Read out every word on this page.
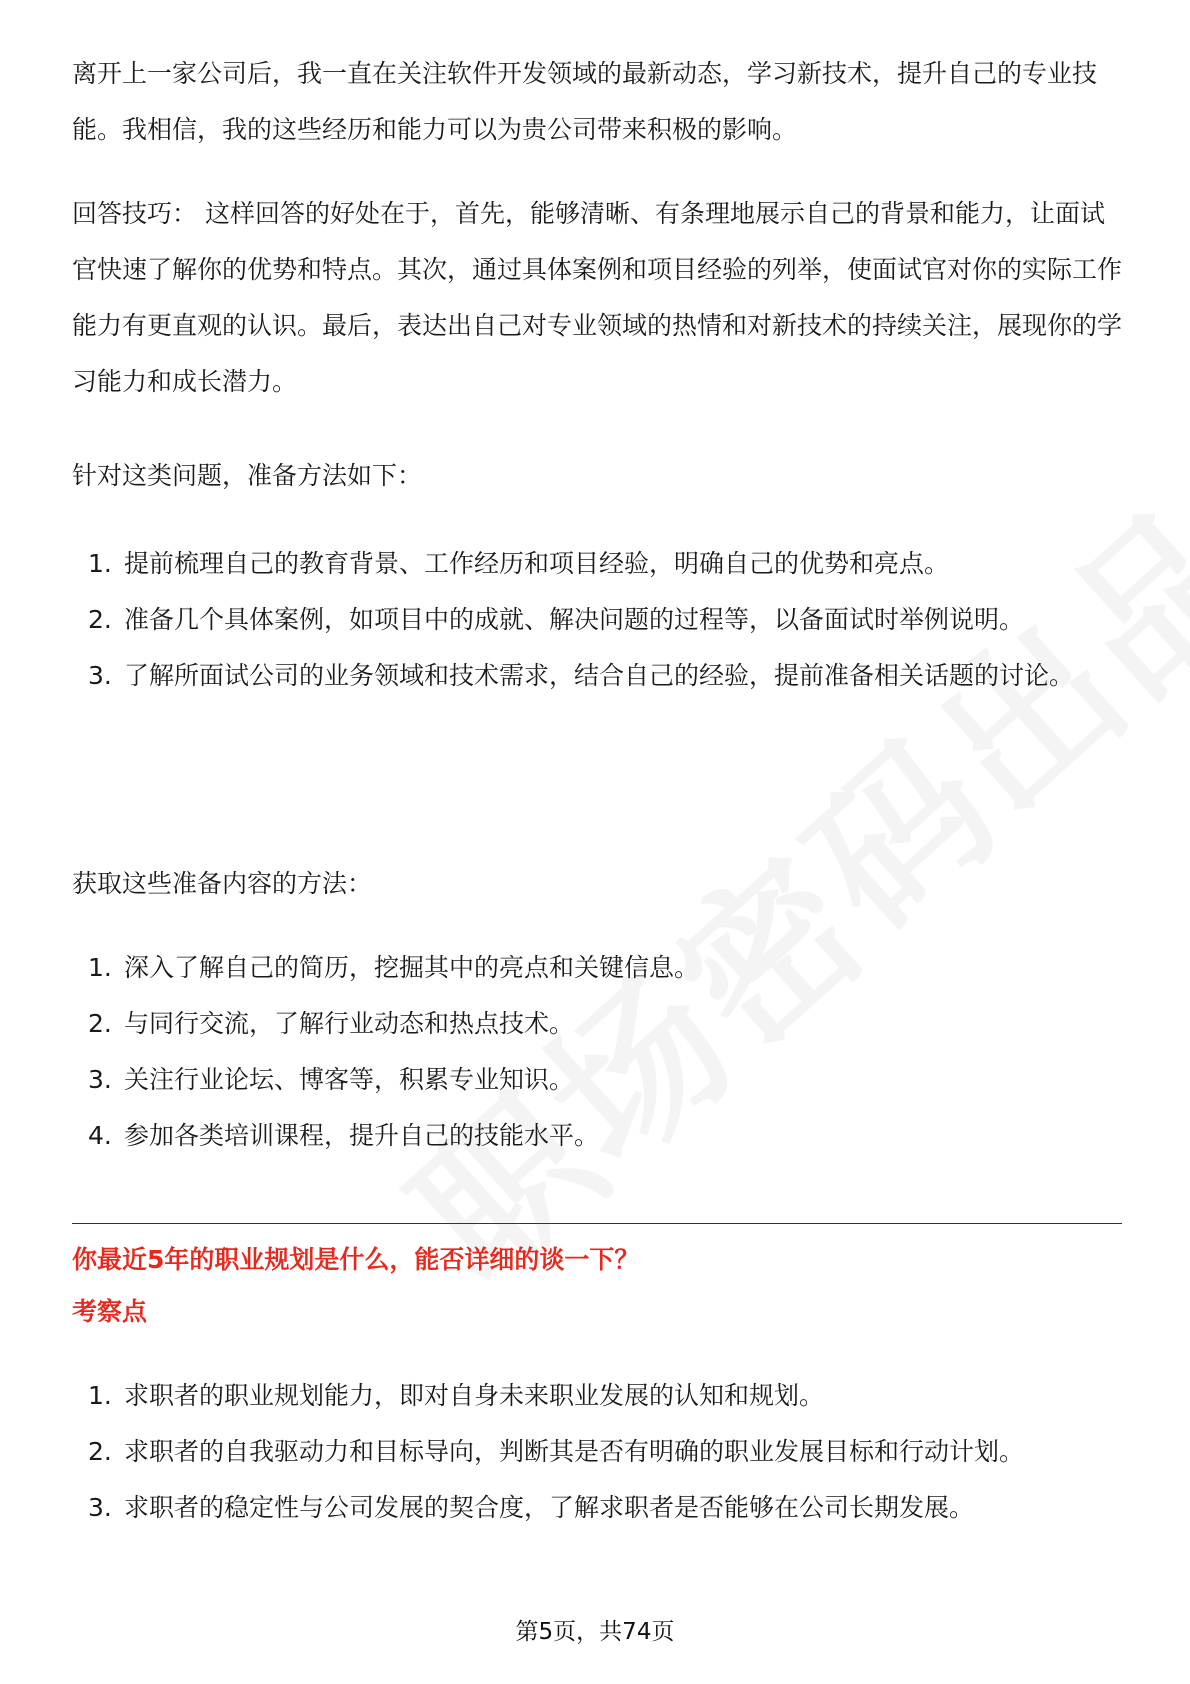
离开上一家公司后，我一直在关注软件开发领域的最新动态，学习新技术，提升自己的专业技能。我相信，我的这些经历和能力可以为贵公司带来积极的影响。

回答技巧： 这样回答的好处在于，首先，能够清晰、有条理地展示自己的背景和能力，让面试官快速了解你的优势和特点。其次，通过具体案例和项目经验的列举，使面试官对你的实际工作能力有更直观的认识。最后，表达出自己对专业领域的热情和对新技术的持续关注，展现你的学习能力和成长潜力。

针对这类问题，准备方法如下：

1. 提前梳理自己的教育背景、工作经历和项目经验，明确自己的优势和亮点。
2. 准备几个具体案例，如项目中的成就、解决问题的过程等，以备面试时举例说明。
3. 了解所面试公司的业务领域和技术需求，结合自己的经验，提前准备相关话题的讨论。

获取这些准备内容的方法：

1. 深入了解自己的简历，挖掘其中的亮点和关键信息。
2. 与同行交流，了解行业动态和热点技术。
3. 关注行业论坛、博客等，积累专业知识。
4. 参加各类培训课程，提升自己的技能水平。
你最近5年的职业规划是什么，能否详细的谈一下？
考察点
1. 求职者的职业规划能力，即对自身未来职业发展的认知和规划。
2. 求职者的自我驱动力和目标导向，判断其是否有明确的职业发展目标和行动计划。
3. 求职者的稳定性与公司发展的契合度，了解求职者是否能够在公司长期发展。
第5页，共74页
